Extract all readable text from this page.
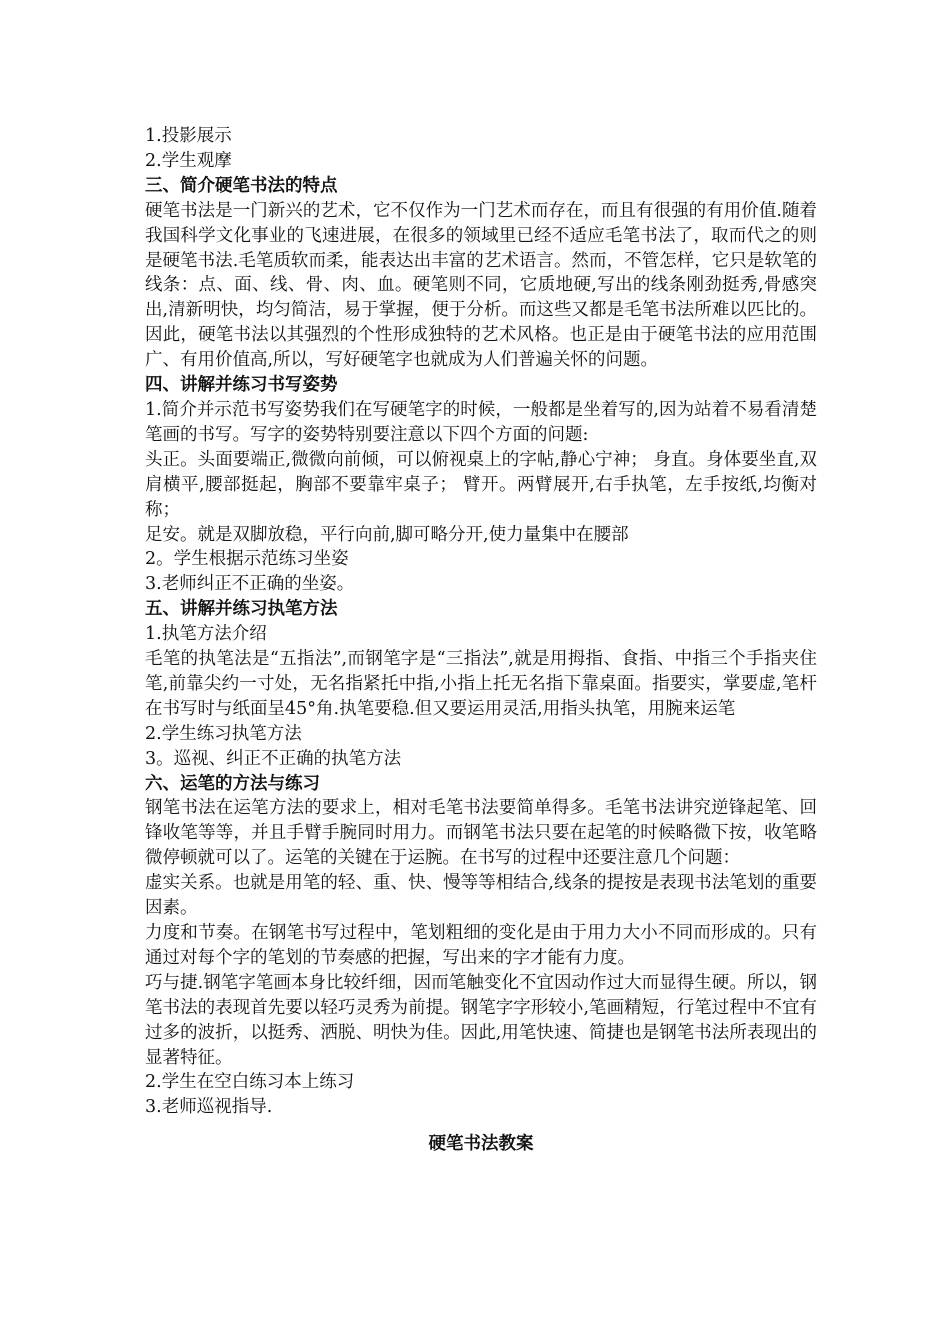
1.投影展示

2.学生观摩

三、简介硬笔书法的特点

硬笔书法是一门新兴的艺术，它不仅作为一门艺术而存在，而且有很强的有用价值.随着我国科学文化事业的飞速进展，在很多的领域里已经不适应毛笔书法了，取而代之的则是硬笔书法.毛笔质软而柔，能表达出丰富的艺术语言。然而，不管怎样，它只是软笔的线条：点、面、线、骨、肉、血。硬笔则不同，它质地硬,写出的线条刚劲挺秀,骨感突出,清新明快，均匀简洁，易于掌握，便于分析。而这些又都是毛笔书法所难以匹比的。因此，硬笔书法以其强烈的个性形成独特的艺术风格。也正是由于硬笔书法的应用范围广、有用价值高,所以，写好硬笔字也就成为人们普遍关怀的问题。

四、讲解并练习书写姿势

1.简介并示范书写姿势我们在写硬笔字的时候，一般都是坐着写的,因为站着不易看清楚笔画的书写。写字的姿势特别要注意以下四个方面的问题:

头正。头面要端正,微微向前倾，可以俯视桌上的字帖,静心宁神； 身直。身体要坐直,双肩横平,腰部挺起，胸部不要靠牢桌子； 臂开。两臂展开,右手执笔，左手按纸,均衡对称；

足安。就是双脚放稳，平行向前,脚可略分开,使力量集中在腰部

2。学生根据示范练习坐姿

3.老师纠正不正确的坐姿。

五、讲解并练习执笔方法

1.执笔方法介绍

毛笔的执笔法是“五指法”,而钢笔字是“三指法”,就是用拇指、食指、中指三个手指夹住笔,前靠尖约一寸处，无名指紧托中指,小指上托无名指下靠桌面。指要实，掌要虚,笔杆在书写时与纸面呈45°角.执笔要稳.但又要运用灵活,用指头执笔，用腕来运笔

2.学生练习执笔方法

3。巡视、纠正不正确的执笔方法

六、运笔的方法与练习

钢笔书法在运笔方法的要求上，相对毛笔书法要简单得多。毛笔书法讲究逆锋起笔、回锋收笔等等，并且手臂手腕同时用力。而钢笔书法只要在起笔的时候略微下按，收笔略微停顿就可以了。运笔的关键在于运腕。在书写的过程中还要注意几个问题：

虚实关系。也就是用笔的轻、重、快、慢等等相结合,线条的提按是表现书法笔划的重要因素。

力度和节奏。在钢笔书写过程中，笔划粗细的变化是由于用力大小不同而形成的。只有通过对每个字的笔划的节奏感的把握，写出来的字才能有力度。

巧与捷.钢笔字笔画本身比较纤细，因而笔触变化不宜因动作过大而显得生硬。所以，钢笔书法的表现首先要以轻巧灵秀为前提。钢笔字字形较小,笔画精短，行笔过程中不宜有过多的波折，以挺秀、洒脱、明快为佳。因此,用笔快速、简捷也是钢笔书法所表现出的显著特征。

2.学生在空白练习本上练习

3.老师巡视指导.

硬笔书法教案
